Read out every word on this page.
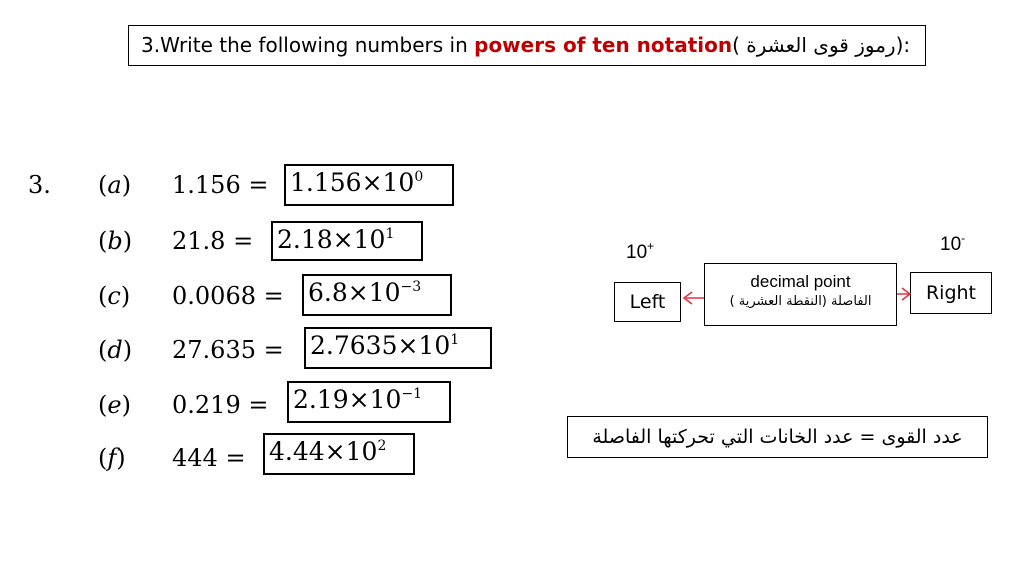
3.Write the following numbers in powers of ten notation( رموز قوى العشرة):
3. (a) $1.156 = 1.156\times 10^0$
(b) $21.8 = 2.18\times 10^1$
(c) $0.0068 = 6.8\times 10^{-3}$
(d) $27.635 = 2.7635\times 10^1$
(e) $0.219 = 2.19\times 10^{-1}$
(f) $444 = 4.44\times 10^2$
10+	10-
Left
decimal point
الفاصلة (النقطة العشرية )	Right
عدد القوى = عدد الخانات التي تحركتها الفاصلة
